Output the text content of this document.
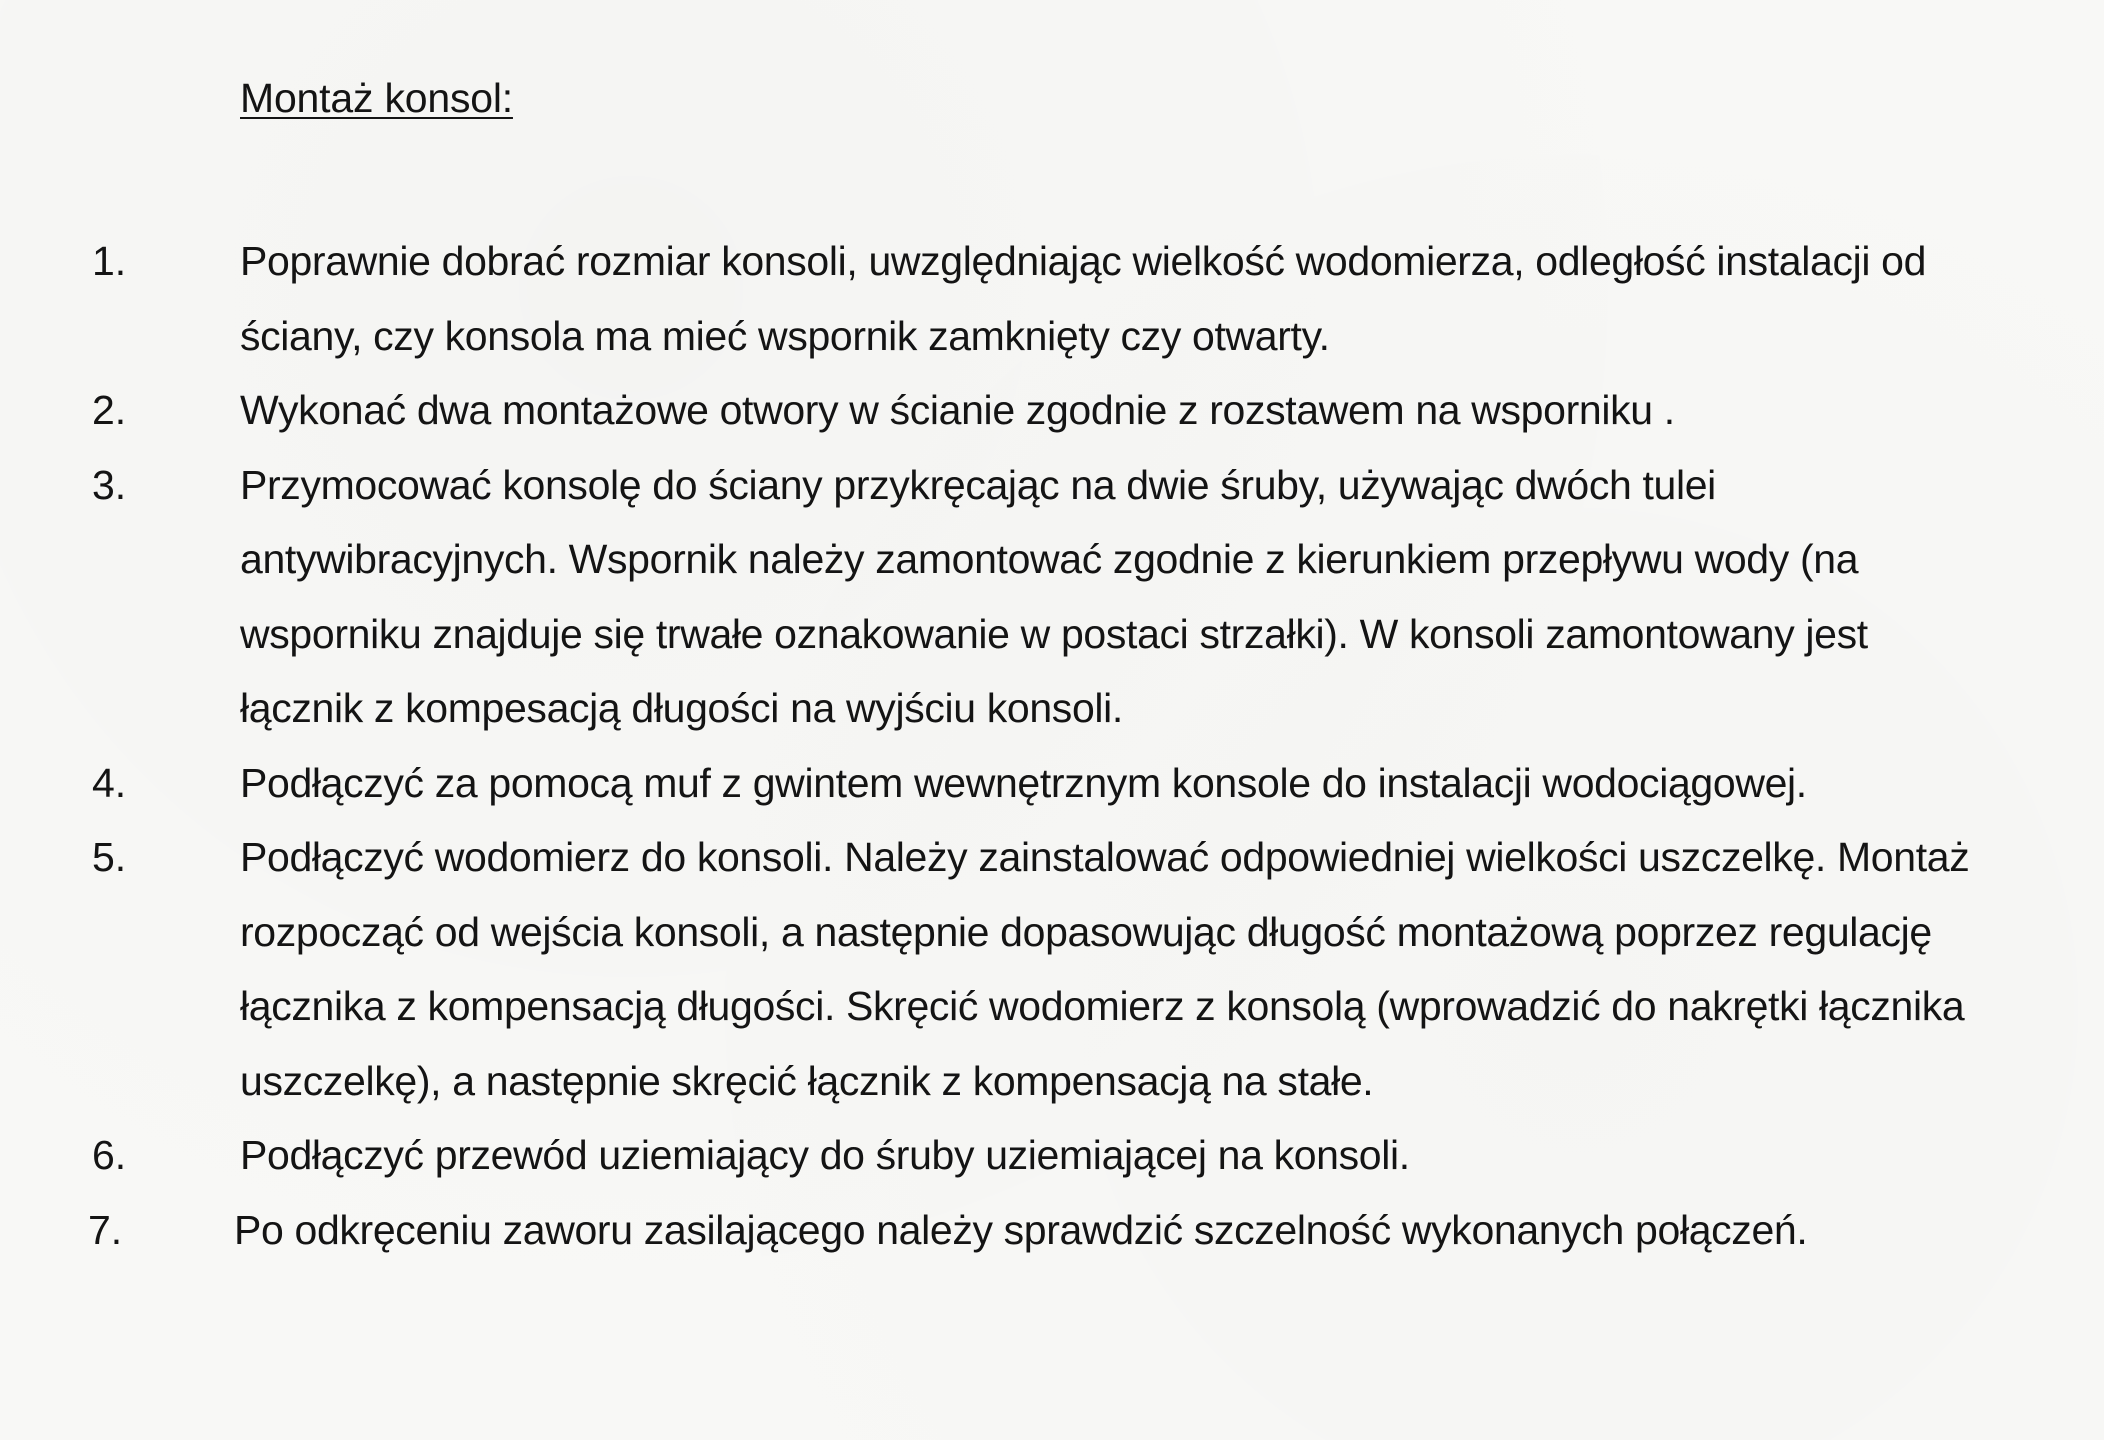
Montaż konsol:
1.	Poprawnie dobrać rozmiar konsoli, uwzględniając wielkość wodomierza, odległość instalacji od ściany, czy konsola ma mieć wspornik zamknięty czy otwarty.
2.	Wykonać dwa montażowe otwory w ścianie zgodnie z rozstawem na wsporniku .
3.	Przymocować konsolę do ściany przykręcając na dwie śruby, używając dwóch tulei antywibracyjnych. Wspornik należy zamontować zgodnie z kierunkiem przepływu wody (na wsporniku znajduje się trwałe oznakowanie w postaci strzałki). W konsoli zamontowany jest łącznik z kompesacją długości na wyjściu konsoli.
4.	Podłączyć za pomocą muf z gwintem wewnętrznym konsole do instalacji wodociągowej.
5.	Podłączyć wodomierz do konsoli. Należy zainstalować odpowiedniej wielkości uszczelkę. Montaż rozpocząć od wejścia konsoli, a następnie dopasowując długość montażową poprzez regulację łącznika z kompensacją długości. Skręcić wodomierz z konsolą (wprowadzić do nakrętki łącznika uszczelkę), a następnie skręcić łącznik z kompensacją na stałe.
6.	Podłączyć przewód uziemiający do śruby uziemiającej na konsoli.
7.	Po odkręceniu zaworu zasilającego należy sprawdzić szczelność wykonanych połączeń.
